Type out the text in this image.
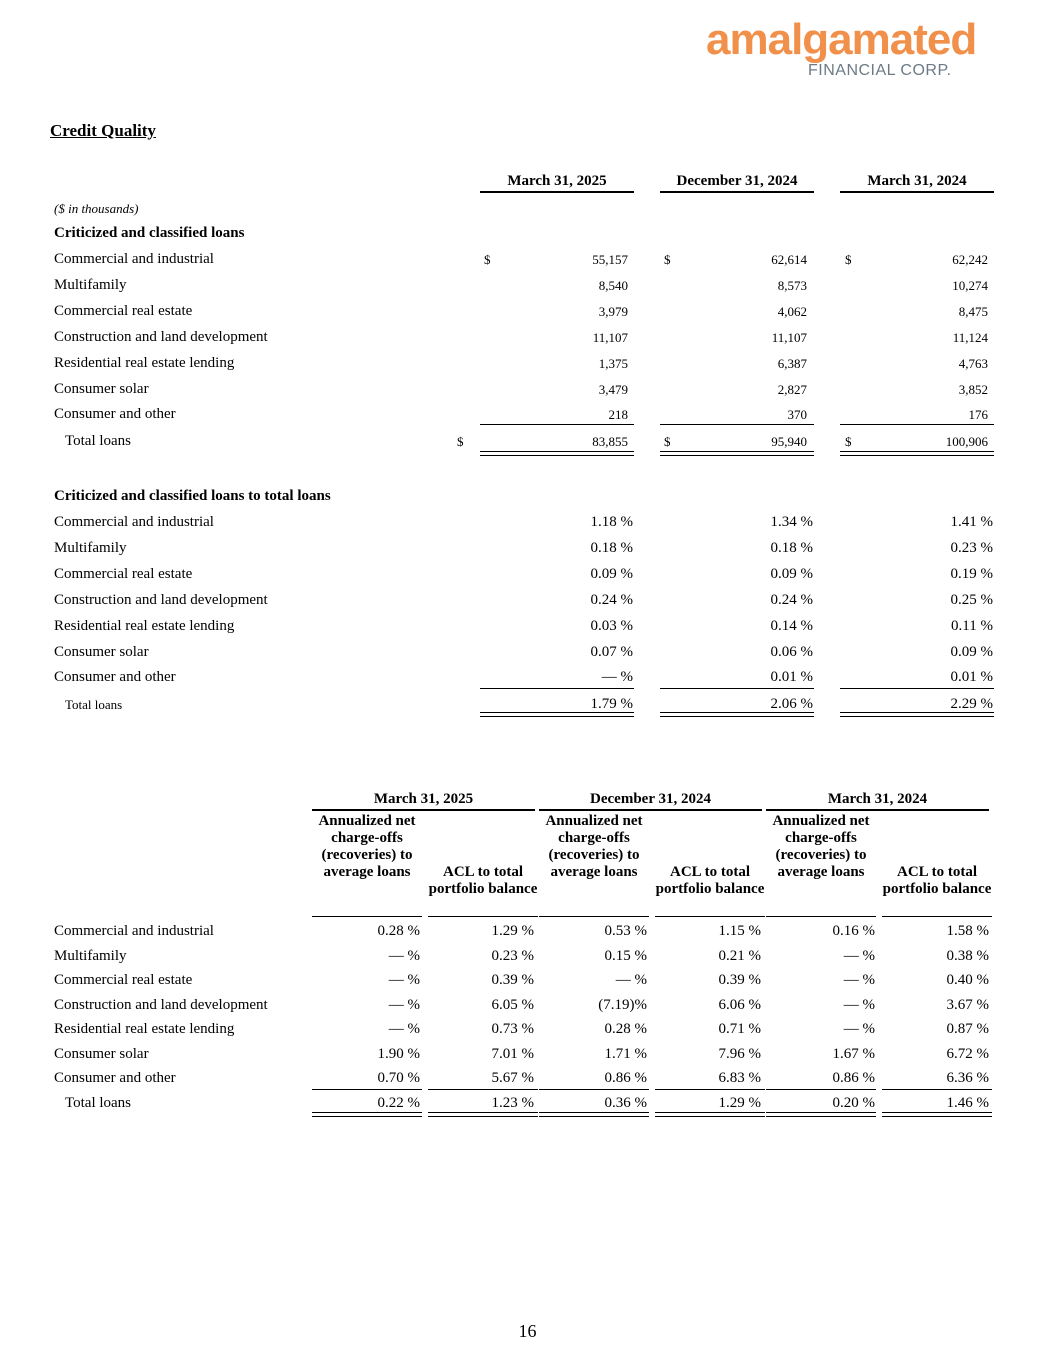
amalgamated
FINANCIAL CORP.
Credit Quality
March 31, 2025	December 31, 2024	March 31, 2024
($ in thousands)
Criticized and classified loans
Commercial and industrial	$	55,157	$	62,614	$	62,242
Multifamily	8,540	8,573	10,274
Commercial real estate	3,979	4,062	8,475
Construction and land development	11,107	11,107	11,124
Residential real estate lending	1,375	6,387	4,763
Consumer solar	3,479	2,827	3,852
Consumer and other	218	370	176
Total loans	$	83,855	$	95,940	$	100,906
Criticized and classified loans to total loans
Commercial and industrial	1.18 %	1.34 %	1.41 %
Multifamily	0.18 %	0.18 %	0.23 %
Commercial real estate	0.09 %	0.09 %	0.19 %
Construction and land development	0.24 %	0.24 %	0.25 %
Residential real estate lending	0.03 %	0.14 %	0.11 %
Consumer solar	0.07 %	0.06 %	0.09 %
Consumer and other	— %	0.01 %	0.01 %
Total loans	1.79 %	2.06 %	2.29 %
March 31, 2025	December 31, 2024	March 31, 2024
Annualized net charge-offs (recoveries) to average loans	ACL to total portfolio balance
Annualized net charge-offs (recoveries) to average loans	ACL to total portfolio balance
Annualized net charge-offs (recoveries) to average loans	ACL to total portfolio balance
Commercial and industrial	0.28 %	1.29 %	0.53 %	1.15 %	0.16 %	1.58 %
Multifamily	— %	0.23 %	0.15 %	0.21 %	— %	0.38 %
Commercial real estate	— %	0.39 %	— %	0.39 %	— %	0.40 %
Construction and land development	— %	6.05 %	(7.19)%	6.06 %	— %	3.67 %
Residential real estate lending	— %	0.73 %	0.28 %	0.71 %	— %	0.87 %
Consumer solar	1.90 %	7.01 %	1.71 %	7.96 %	1.67 %	6.72 %
Consumer and other	0.70 %	5.67 %	0.86 %	6.83 %	0.86 %	6.36 %
Total loans	0.22 %	1.23 %	0.36 %	1.29 %	0.20 %	1.46 %
16
